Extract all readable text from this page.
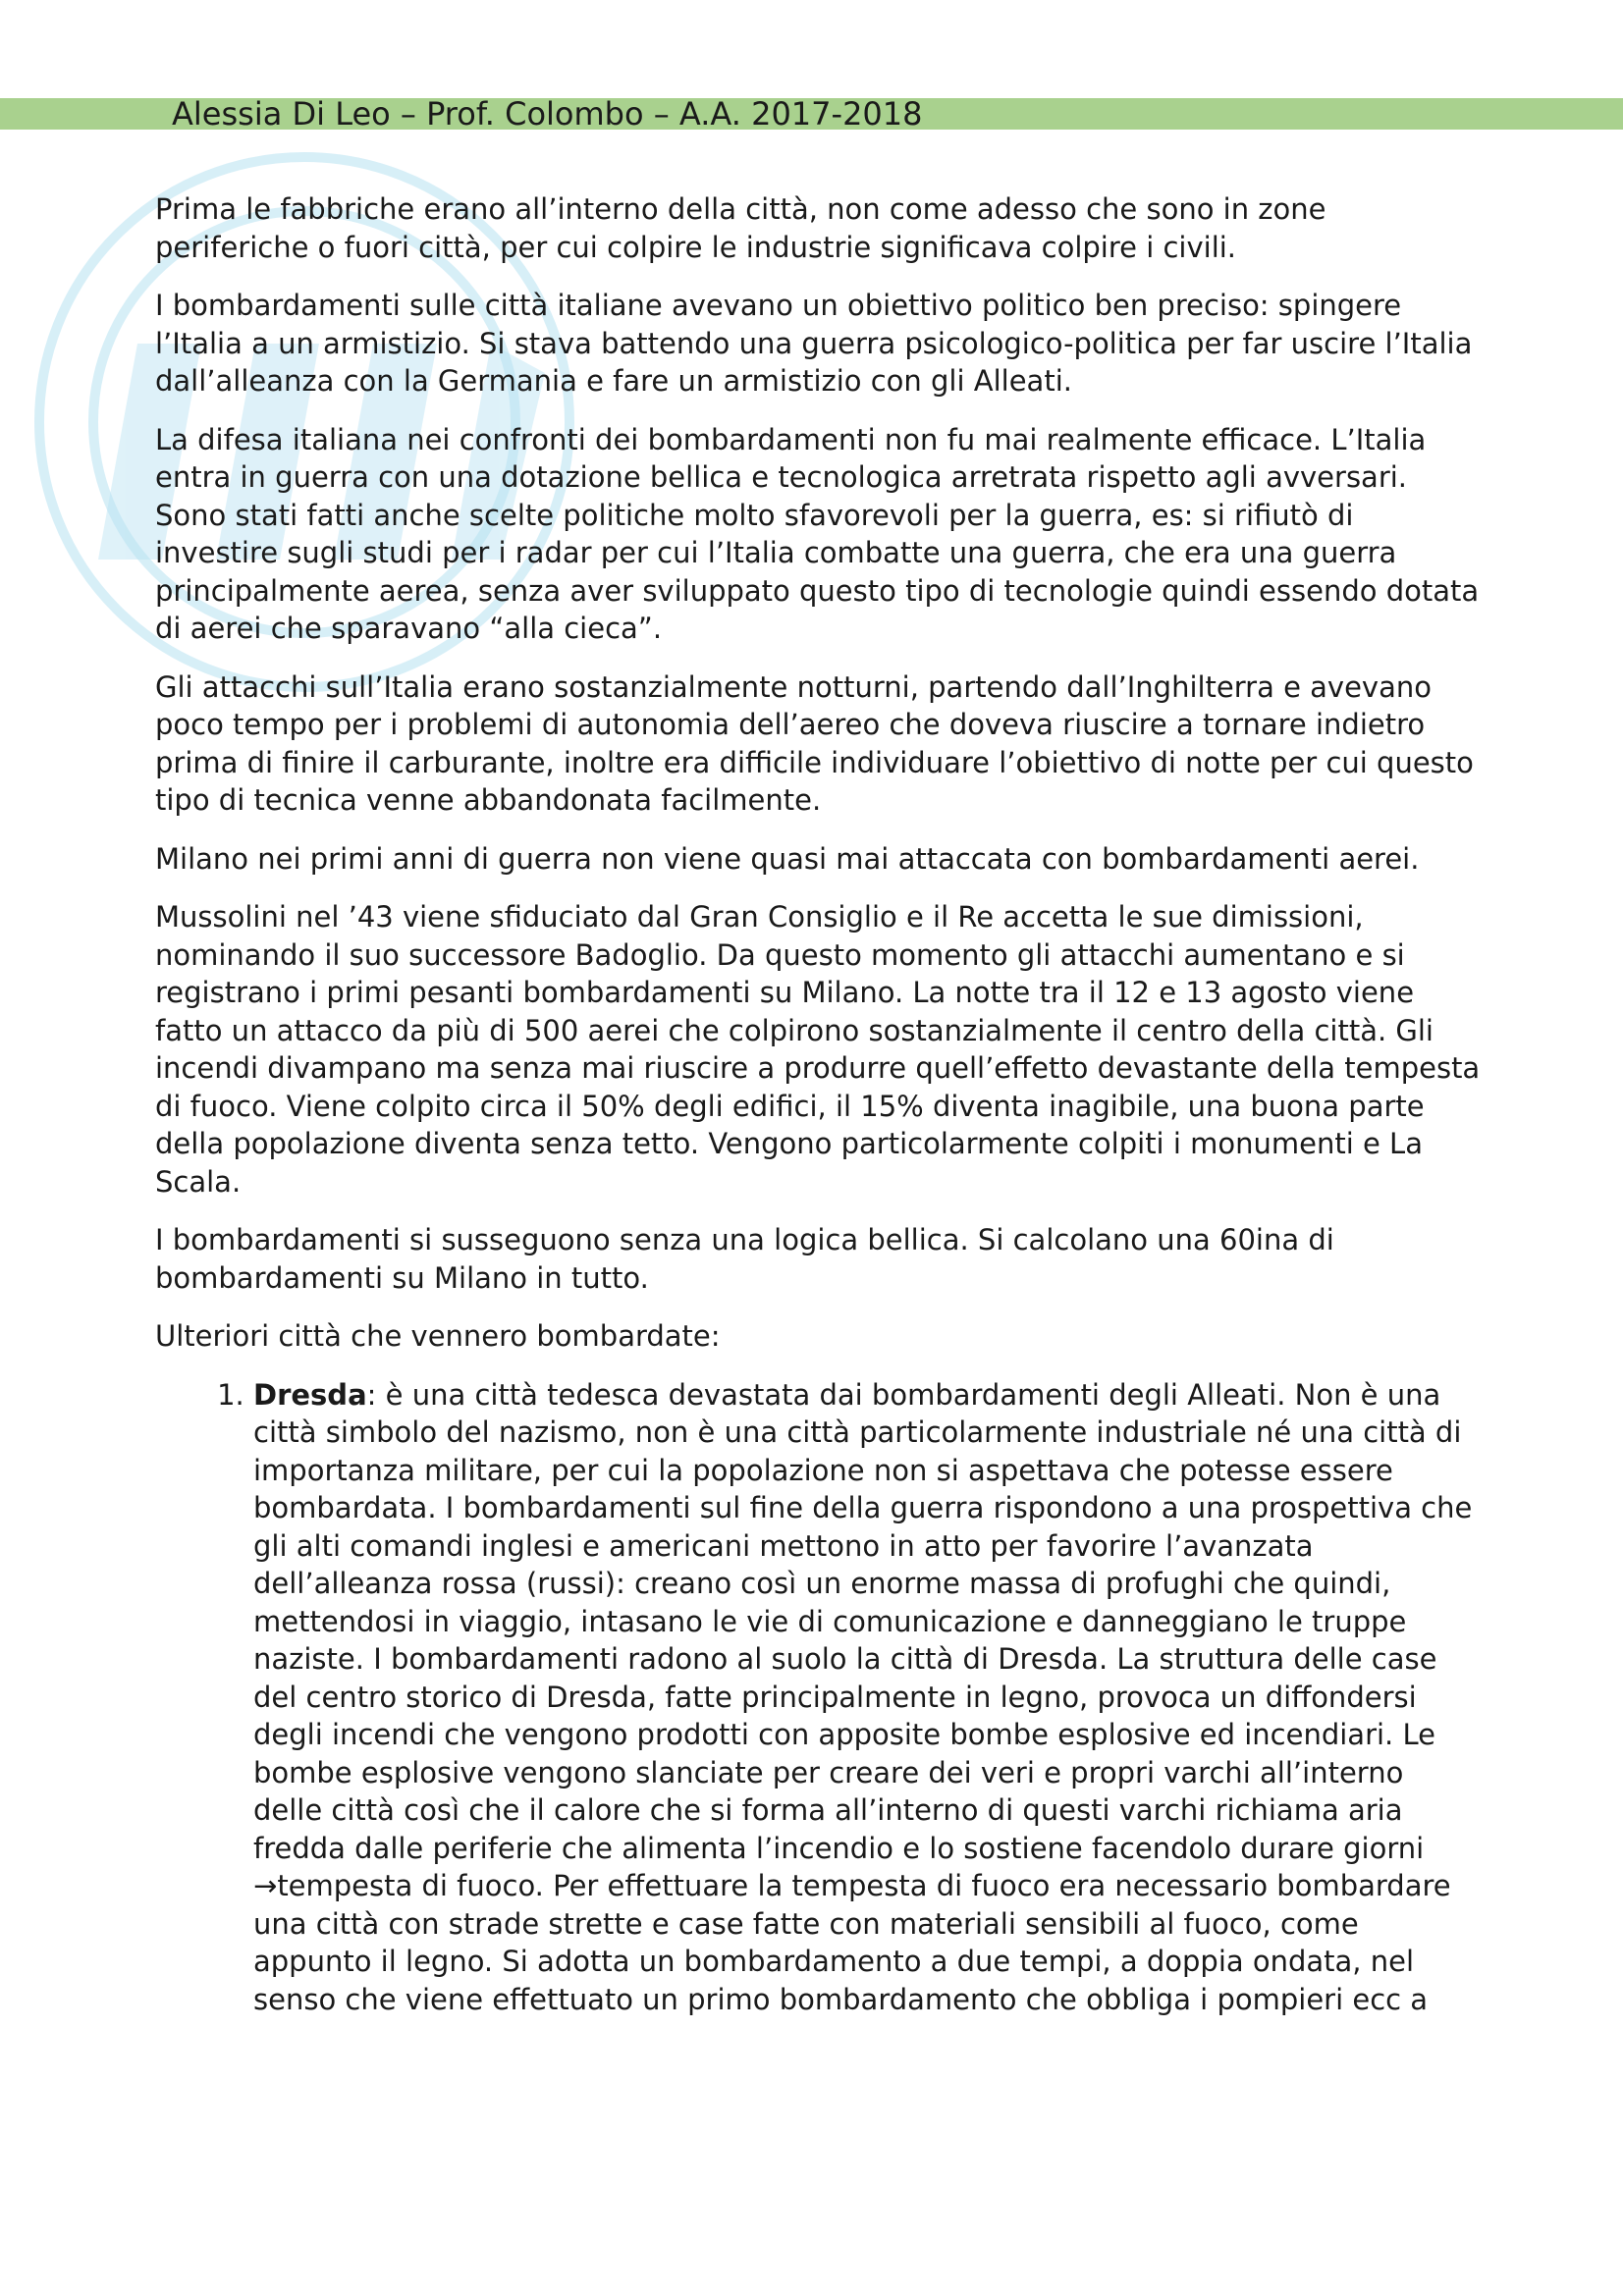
Alessia Di Leo – Prof. Colombo – A.A. 2017-2018

Prima le fabbriche erano all’interno della città, non come adesso che sono in zone periferiche o fuori città, per cui colpire le industrie significava colpire i civili.

I bombardamenti sulle città italiane avevano un obiettivo politico ben preciso: spingere l’Italia a un armistizio. Si stava battendo una guerra psicologico-politica per far uscire l’Italia dall’alleanza con la Germania e fare un armistizio con gli Alleati.

La difesa italiana nei confronti dei bombardamenti non fu mai realmente efficace. L’Italia entra in guerra con una dotazione bellica e tecnologica arretrata rispetto agli avversari. Sono stati fatti anche scelte politiche molto sfavorevoli per la guerra, es: si rifiutò di investire sugli studi per i radar per cui l’Italia combatte una guerra, che era una guerra principalmente aerea, senza aver sviluppato questo tipo di tecnologie quindi essendo dotata di aerei che sparavano “alla cieca”.

Gli attacchi sull’Italia erano sostanzialmente notturni, partendo dall’Inghilterra e avevano poco tempo per i problemi di autonomia dell’aereo che doveva riuscire a tornare indietro prima di finire il carburante, inoltre era difficile individuare l’obiettivo di notte per cui questo tipo di tecnica venne abbandonata facilmente.

Milano nei primi anni di guerra non viene quasi mai attaccata con bombardamenti aerei.

Mussolini nel ’43 viene sfiduciato dal Gran Consiglio e il Re accetta le sue dimissioni, nominando il suo successore Badoglio. Da questo momento gli attacchi aumentano e si registrano i primi pesanti bombardamenti su Milano. La notte tra il 12 e 13 agosto viene fatto un attacco da più di 500 aerei che colpirono sostanzialmente il centro della città. Gli incendi divampano ma senza mai riuscire a produrre quell’effetto devastante della tempesta di fuoco. Viene colpito circa il 50% degli edifici, il 15% diventa inagibile, una buona parte della popolazione diventa senza tetto. Vengono particolarmente colpiti i monumenti e La Scala.

I bombardamenti si susseguono senza una logica bellica. Si calcolano una 60ina di bombardamenti su Milano in tutto.

Ulteriori città che vennero bombardate:

1. Dresda: è una città tedesca devastata dai bombardamenti degli Alleati. Non è una città simbolo del nazismo, non è una città particolarmente industriale né una città di importanza militare, per cui la popolazione non si aspettava che potesse essere bombardata. I bombardamenti sul fine della guerra rispondono a una prospettiva che gli alti comandi inglesi e americani mettono in atto per favorire l’avanzata dell’alleanza rossa (russi): creano così un enorme massa di profughi che quindi, mettendosi in viaggio, intasano le vie di comunicazione e danneggiano le truppe naziste. I bombardamenti radono al suolo la città di Dresda. La struttura delle case del centro storico di Dresda, fatte principalmente in legno, provoca un diffondersi degli incendi che vengono prodotti con apposite bombe esplosive ed incendiari. Le bombe esplosive vengono slanciate per creare dei veri e propri varchi all’interno delle città così che il calore che si forma all’interno di questi varchi richiama aria fredda dalle periferie che alimenta l’incendio e lo sostiene facendolo durare giorni →tempesta di fuoco. Per effettuare la tempesta di fuoco era necessario bombardare una città con strade strette e case fatte con materiali sensibili al fuoco, come appunto il legno. Si adotta un bombardamento a due tempi, a doppia ondata, nel senso che viene effettuato un primo bombardamento che obbliga i pompieri ecc a
